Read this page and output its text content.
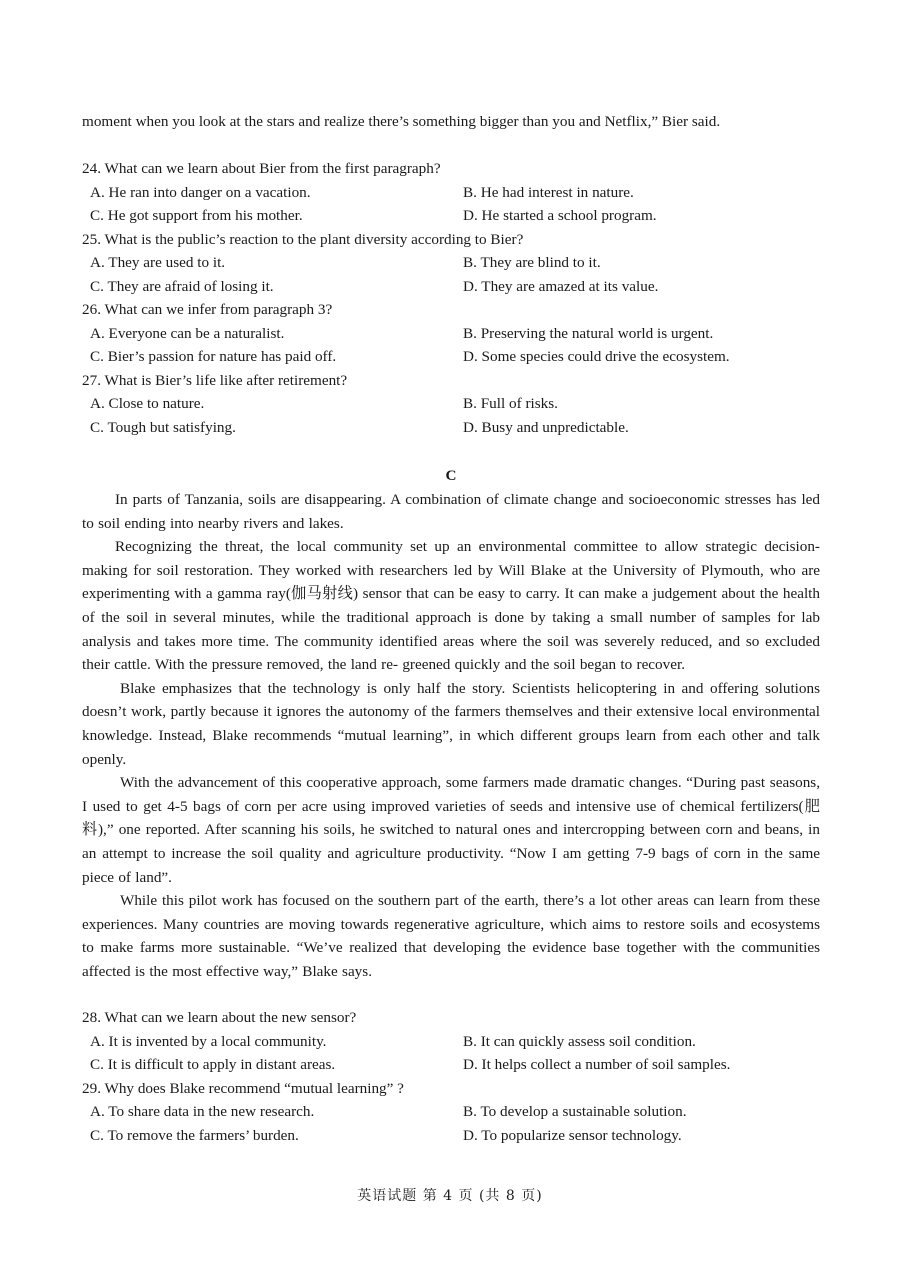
moment when you look at the stars and realize there’s something bigger than you and Netflix,” Bier said.
24. What can we learn about Bier from the first paragraph?
A. He ran into danger on a vacation.	B. He had interest in nature.
C. He got support from his mother.	D. He started a school program.
25. What is the public’s reaction to the plant diversity according to Bier?
A. They are used to it.	B. They are blind to it.
C. They are afraid of losing it.	D. They are amazed at its value.
26. What can we infer from paragraph 3?
A. Everyone can be a naturalist.	B. Preserving the natural world is urgent.
C. Bier’s passion for nature has paid off.	D. Some species could drive the ecosystem.
27. What is Bier’s life like after retirement?
A. Close to nature.	B. Full of risks.
C. Tough but satisfying.	D. Busy and unpredictable.
C

In parts of Tanzania, soils are disappearing. A combination of climate change and socioeconomic stresses has led to soil ending into nearby rivers and lakes.

Recognizing the threat, the local community set up an environmental committee to allow strategic decision-making for soil restoration. They worked with researchers led by Will Blake at the University of Plymouth, who are experimenting with a gamma ray(伽马射线) sensor that can be easy to carry. It can make a judgement about the health of the soil in several minutes, while the traditional approach is done by taking a small number of samples for lab analysis and takes more time. The community identified areas where the soil was severely reduced, and so excluded their cattle. With the pressure removed, the land re- greened quickly and the soil began to recover.

Blake emphasizes that the technology is only half the story. Scientists helicoptering in and offering solutions doesn’t work, partly because it ignores the autonomy of the farmers themselves and their extensive local environmental knowledge. Instead, Blake recommends “mutual learning”, in which different groups learn from each other and talk openly.

With the advancement of this cooperative approach, some farmers made dramatic changes. “During past seasons, I used to get 4-5 bags of corn per acre using improved varieties of seeds and intensive use of chemical fertilizers(肥料),” one reported. After scanning his soils, he switched to natural ones and intercropping between corn and beans, in an attempt to increase the soil quality and agriculture productivity. “Now I am getting 7-9 bags of corn in the same piece of land”.

While this pilot work has focused on the southern part of the earth, there’s a lot other areas can learn from these experiences. Many countries are moving towards regenerative agriculture, which aims to restore soils and ecosystems to make farms more sustainable. “We’ve realized that developing the evidence base together with the communities affected is the most effective way,” Blake says.

28. What can we learn about the new sensor?
A. It is invented by a local community.	B. It can quickly assess soil condition.
C. It is difficult to apply in distant areas.	D. It helps collect a number of soil samples.
29. Why does Blake recommend “mutual learning” ?
A. To share data in the new research.	B. To develop a sustainable solution.
C. To remove the farmers’ burden.	D. To popularize sensor technology.
英语试题 第 4 页 (共 8 页)
